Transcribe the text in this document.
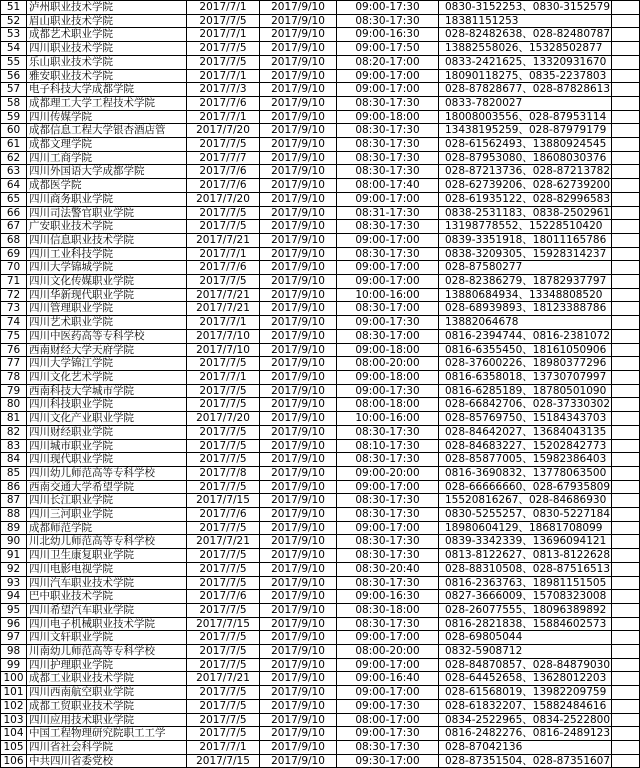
51	泸州职业技术学院	2017/7/1	2017/9/10	09:00-17:30	0830-3152253、0830-3152579	
52	眉山职业技术学院	2017/7/5	2017/9/10	08:30-17:30	18381151253	
53	成都艺术职业学院	2017/7/1	2017/9/10	09:00-16:30	028-82482638、028-82480787	
54	四川职业技术学院	2017/7/5	2017/9/10	09:00-17:50	13882558026、15328502877	
55	乐山职业技术学院	2017/7/5	2017/9/10	08:20-17:00	0833-2421625、13320931670	
56	雅安职业技术学院	2017/7/1	2017/9/10	09:00-17:00	18090118275、0835-2237803	
57	电子科技大学成都学院	2017/7/3	2017/9/10	09:00-17:00	028-87828677、028-87828613	
58	成都理工大学工程技术学院	2017/7/6	2017/9/10	08:30-17:30	0833-7820027	
59	四川传媒学院	2017/7/1	2017/9/10	09:00-18:00	18008003556、028-87953114	
60	成都信息工程大学银杏酒店管	2017/7/20	2017/9/10	08:30-17:30	13438195259、028-87979179	
61	成都文理学院	2017/7/5	2017/9/10	08:30-17:30	028-61562493、13880924545	
62	四川工商学院	2017/7/7	2017/9/10	08:30-17:30	028-87953080、18608030376	
63	四川外国语大学成都学院	2017/7/6	2017/9/10	08:30-17:30	028-87213736、028-87213782	
64	成都医学院	2017/7/6	2017/9/10	08:00-17:40	028-62739206、028-62739200	
65	四川商务职业学院	2017/7/20	2017/9/10	09:00-17:00	028-61935122、028-82996583	
66	四川司法警官职业学院	2017/7/5	2017/9/10	08:31-17:30	0838-2531183、0838-2502961	
67	广安职业技术学院	2017/7/5	2017/9/10	08:30-17:30	13198778552、15228510420	
68	四川信息职业技术学院	2017/7/21	2017/9/10	09:00-17:00	0839-3351918、18011165786	
69	四川工业科技学院	2017/7/1	2017/9/10	08:30-17:30	0838-3209305、15928314237	
70	四川大学锦城学院	2017/7/6	2017/9/10	09:00-17:00	028-87580277	
71	四川文化传媒职业学院	2017/7/5	2017/9/10	09:00-17:00	028-82386279、18782937797	
72	四川华新现代职业学院	2017/7/21	2017/9/10	10:00-16:00	13880684934、13348808520	
73	四川管理职业学院	2017/7/21	2017/9/10	08:30-17:00	028-68939893、18123388786	
74	四川艺术职业学院	2017/7/1	2017/9/10	09:00-17:30	13882064678	
75	四川中医药高等专科学校	2017/7/10	2017/9/10	08:30-17:00	0816-2394744、0816-2381072	
76	西南财经大学天府学院	2017/7/10	2017/9/10	09:00-18:00	0816-6355450、18161050906	
77	四川大学锦江学院	2017/7/5	2017/9/10	08:00-20:00	028-37600226、18980377296	
78	四川文化艺术学院	2017/7/1	2017/9/10	09:00-18:00	0816-6358018、13730707997	
79	西南科技大学城市学院	2017/7/5	2017/9/10	09:00-17:30	0816-6285189、18780501090	
80	四川科技职业学院	2017/7/5	2017/9/10	08:00-18:00	028-66842706、028-37330302	
81	四川文化产业职业学院	2017/7/20	2017/9/10	10:00-16:00	028-85769750、15184343703	
82	四川财经职业学院	2017/7/5	2017/9/10	08:30-17:30	028-84642027、13684043135	
83	四川城市职业学院	2017/7/5	2017/9/10	08:10-17:30	028-84683227、15202842773	
84	四川现代职业学院	2017/7/5	2017/9/10	08:30-17:30	028-85877005、15982386403	
85	四川幼儿师范高等专科学校	2017/7/8	2017/9/10	09:00-20:00	0816-3690832、13778063500	
86	西南交通大学希望学院	2017/7/5	2017/9/10	09:00-17:00	028-66666660、028-67935809	
87	四川长江职业学院	2017/7/15	2017/9/10	08:30-17:30	15520816267、028-84686930	
88	四川三河职业学院	2017/7/6	2017/9/10	08:30-17:30	0830-5255257、0830-5227184	
89	成都师范学院	2017/7/5	2017/9/10	09:00-17:00	18980604129、18681708099	
90	川北幼儿师范高等专科学校	2017/7/21	2017/9/10	08:30-17:30	0839-3342339、13696094121	
91	四川卫生康复职业学院	2017/7/5	2017/9/10	08:30-17:30	0813-8122627、0813-8122628	
92	四川电影电视学院	2017/7/5	2017/9/10	08:30-20:40	028-88310508、028-87516513	
93	四川汽车职业技术学院	2017/7/5	2017/9/10	08:30-17:30	0816-2363763、18981151505	
94	巴中职业技术学院	2017/7/6	2017/9/10	09:00-16:30	0827-3666009、15708323008	
95	四川希望汽车职业学院	2017/7/5	2017/9/10	08:30-18:00	028-26077555、18096389892	
96	四川电子机械职业技术学院	2017/7/15	2017/9/10	08:30-17:30	0816-2821838、15884602573	
97	四川文轩职业学院	2017/7/5	2017/9/10	09:00-17:00	028-69805044	
98	川南幼儿师范高等专科学校	2017/7/5	2017/9/10	08:00-20:00	0832-5908712	
99	四川护理职业学院	2017/7/5	2017/9/10	09:00-17:00	028-84870857、028-84879030	
100	成都工业职业技术学院	2017/7/21	2017/9/10	09:00-16:40	028-64452658、13628012203	
101	四川西南航空职业学院	2017/7/5	2017/9/10	09:00-17:00	028-61568019、13982209759	
102	成都工贸职业技术学院	2017/7/5	2017/9/10	09:00-17:30	028-61832207、15882484616	
103	四川应用技术职业学院	2017/7/5	2017/9/10	08:00-17:00	0834-2522965、0834-2522800	
104	中国工程物理研究院职工工学	2017/7/5	2017/9/10	09:00-17:30	0816-2482276、0816-2489123	
105	四川省社会科学院	2017/7/1	2017/9/10	08:30-17:30	028-87042136	
106	中共四川省委党校	2017/7/15	2017/9/10	09:30-17:00	028-87351504、028-87351607	
